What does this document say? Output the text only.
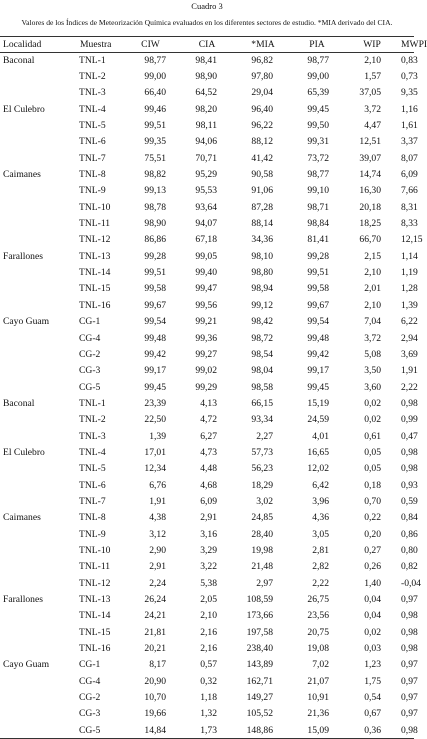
Cuadro 3
Valores de los Índices de Meteorización Química evaluados en los diferentes sectores de estudio. *MIA derivado del CIA.
Localidad	Muestra	CIW	CIA	*MIA	PIA	WIP	MWPI
Baconal	TNL-1	98,77	98,41	96,82	98,77	2,10	0,83
	TNL-2	99,00	98,90	97,80	99,00	1,57	0,73
	TNL-3	66,40	64,52	29,04	65,39	37,05	9,35
El Culebro	TNL-4	99,46	98,20	96,40	99,45	3,72	1,16
	TNL-5	99,51	98,11	96,22	99,50	4,47	1,61
	TNL-6	99,35	94,06	88,12	99,31	12,51	3,37
	TNL-7	75,51	70,71	41,42	73,72	39,07	8,07
Caimanes	TNL-8	98,82	95,29	90,58	98,77	14,74	6,09
	TNL-9	99,13	95,53	91,06	99,10	16,30	7,66
	TNL-10	98,78	93,64	87,28	98,71	20,18	8,31
	TNL-11	98,90	94,07	88,14	98,84	18,25	8,33
	TNL-12	86,86	67,18	34,36	81,41	66,70	12,15
Farallones	TNL-13	99,28	99,05	98,10	99,28	2,15	1,14
	TNL-14	99,51	99,40	98,80	99,51	2,10	1,19
	TNL-15	99,58	99,47	98,94	99,58	2,01	1,28
	TNL-16	99,67	99,56	99,12	99,67	2,10	1,39
Cayo Guam	CG-1	99,54	99,21	98,42	99,54	7,04	6,22
	CG-4	99,48	99,36	98,72	99,48	3,72	2,94
	CG-2	99,42	99,27	98,54	99,42	5,08	3,69
	CG-3	99,17	99,02	98,04	99,17	3,50	1,91
	CG-5	99,45	99,29	98,58	99,45	3,60	2,22
Baconal	TNL-1	23,39	4,13	66,15	15,19	0,02	0,98
	TNL-2	22,50	4,72	93,34	24,59	0,02	0,99
	TNL-3	1,39	6,27	2,27	4,01	0,61	0,47
El Culebro	TNL-4	17,01	4,73	57,73	16,65	0,05	0,98
	TNL-5	12,34	4,48	56,23	12,02	0,05	0,98
	TNL-6	6,76	4,68	18,29	6,42	0,18	0,93
	TNL-7	1,91	6,09	3,02	3,96	0,70	0,59
Caimanes	TNL-8	4,38	2,91	24,85	4,36	0,22	0,84
	TNL-9	3,12	3,16	28,40	3,05	0,20	0,86
	TNL-10	2,90	3,29	19,98	2,81	0,27	0,80
	TNL-11	2,91	3,22	21,48	2,82	0,26	0,82
	TNL-12	2,24	5,38	2,97	2,22	1,40	-0,04
Farallones	TNL-13	26,24	2,05	108,59	26,75	0,04	0,97
	TNL-14	24,21	2,10	173,66	23,56	0,04	0,98
	TNL-15	21,81	2,16	197,58	20,75	0,02	0,98
	TNL-16	20,21	2,16	238,40	19,08	0,03	0,98
Cayo Guam	CG-1	8,17	0,57	143,89	7,02	1,23	0,97
	CG-4	20,90	0,32	162,71	21,07	1,75	0,97
	CG-2	10,70	1,18	149,27	10,91	0,54	0,97
	CG-3	19,66	1,32	105,52	21,36	0,67	0,97
	CG-5	14,84	1,73	148,86	15,09	0,36	0,98
